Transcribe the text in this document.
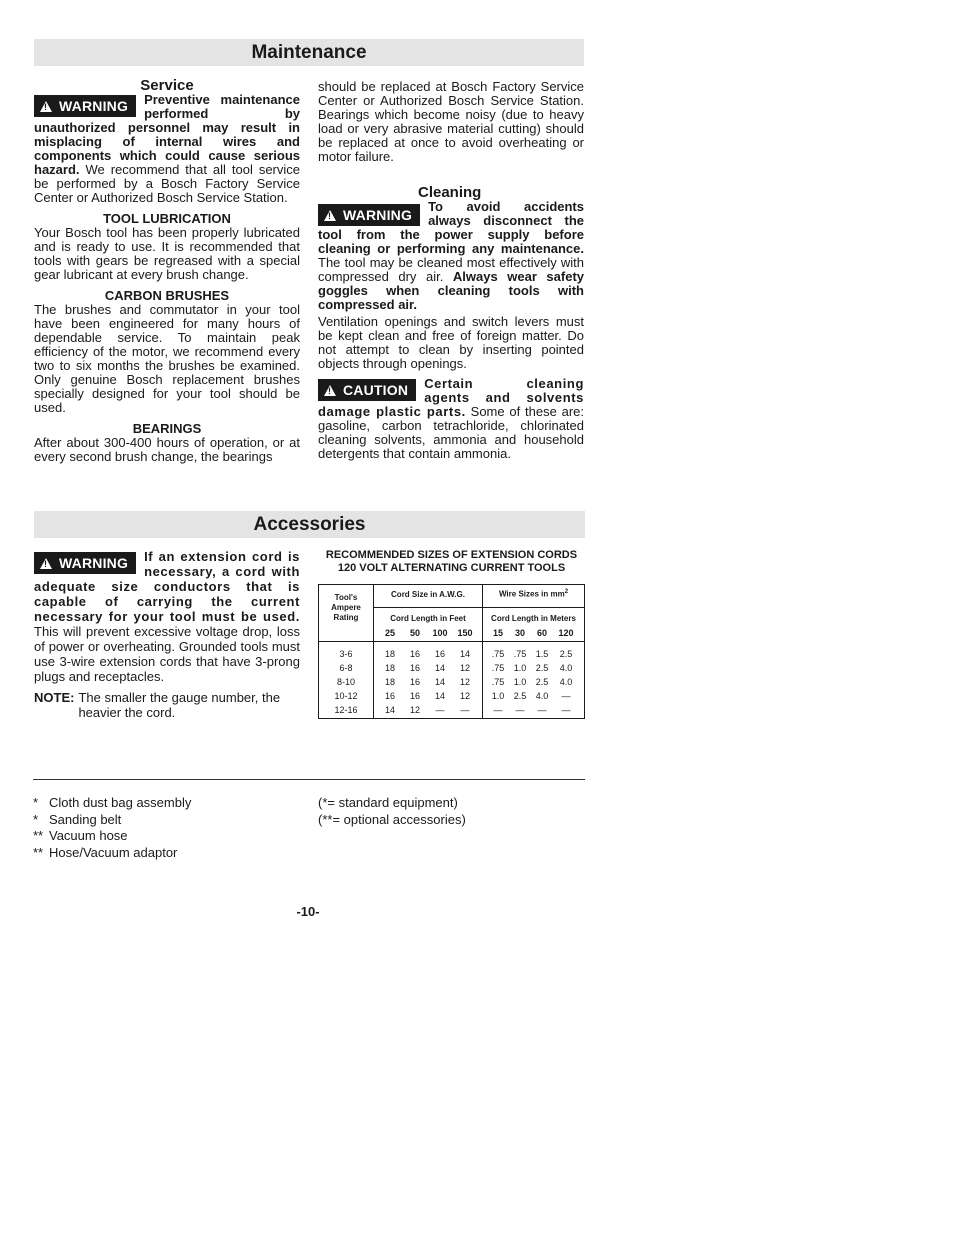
Maintenance
Service
!WARNING	Preventive maintenance performed by unauthorized personnel may result in misplacing of internal wires and components which could cause serious hazard. We recommend that all tool service be performed by a Bosch Factory Service Center or Authorized Bosch Service Station.
TOOL LUBRICATION

Your Bosch tool has been properly lubricated and is ready to use. It is recommended that tools with gears be regreased with a special gear lubricant at every brush change.

CARBON BRUSHES

The brushes and commutator in your tool have been engineered for many hours of dependable service. To maintain peak efficiency of the motor, we recommend every two to six months the brushes be examined. Only genuine Bosch replacement brushes specially designed for your tool should be used.

BEARINGS

After about 300-400 hours of operation, or at every second brush change, the bearings

should be replaced at Bosch Factory Service Center or Authorized Bosch Service Station. Bearings which become noisy (due to heavy load or very abrasive material cutting) should be replaced at once to avoid overheating or motor failure.

Cleaning
!WARNING
To avoid accidents always disconnect the tool from the power supply before cleaning or performing any maintenance. The tool may be cleaned most effectively with compressed dry air. Always wear safety goggles when cleaning tools with compressed air.

Ventilation openings and switch levers must be kept clean and free of foreign matter. Do not attempt to clean by inserting pointed objects through openings.

!CAUTION	Certain cleaning agents and solvents damage plastic parts. Some of these are: gasoline, carbon tetrachloride, chlorinated cleaning solvents, ammonia and household detergents that contain ammonia.
Accessories
!WARNING	If an extension cord is necessary, a cord with adequate size conductors that is capable of carrying the current necessary for your tool must be used. This will prevent excessive voltage drop, loss of power or overheating. Grounded tools must use 3-wire extension cords that have 3-prong plugs and receptacles.
NOTE: The smaller the gauge number, the heavier the cord.
RECOMMENDED SIZES OF EXTENSION CORDS
120 VOLT ALTERNATING CURRENT TOOLS
Tool's Ampere Rating
Cord Size in A.W.G.	Wire Sizes in $mm^2$
Cord Length in Feet	Cord Length in Meters
25	50	100	150	15	30	60	120
3-6	18	16	16	14	.75	.75	1.5	2.5
6-8	18	16	14	12	.75	1.0	2.5	4.0
8-10	18	16	14	12	.75	1.0	2.5	4.0
10-12	16	16	14	12	1.0	2.5	4.0	—
12-16	14	12	—	—	—	—	—	—
* Cloth dust bag assembly
* Sanding belt
** Vacuum hose
** Hose/Vacuum adaptor
(*= standard equipment)
(**= optional accessories)
-10-
